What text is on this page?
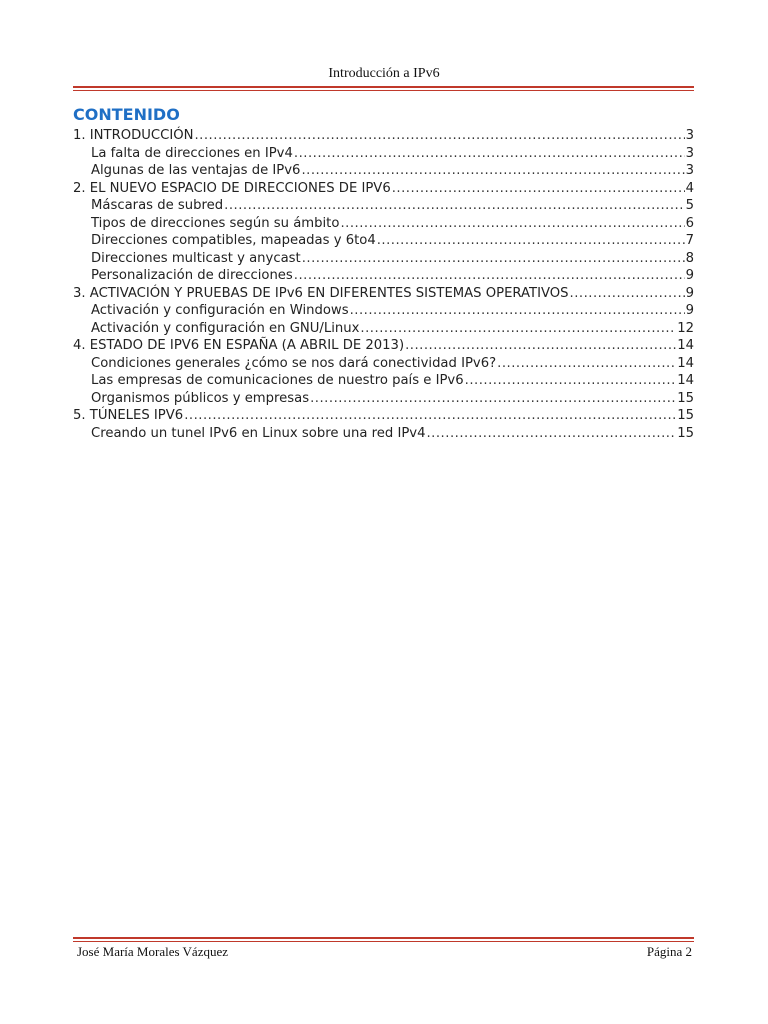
Introducción a IPv6
CONTENIDO
1. INTRODUCCIÓN .....	3
La falta de direcciones en IPv4 .....	3
Algunas de las ventajas de IPv6 .....	3
2. EL NUEVO ESPACIO DE DIRECCIONES DE IPV6 .....	4
Máscaras de subred .....	5
Tipos de direcciones según su ámbito .....	6
Direcciones compatibles, mapeadas y 6to4 .....	7
Direcciones multicast y anycast .....	8
Personalización de direcciones .....	9
3. ACTIVACIÓN Y PRUEBAS DE IPv6 EN DIFERENTES SISTEMAS OPERATIVOS .....	9
Activación y configuración en Windows .....	9
Activación y configuración en GNU/Linux .....	12
4. ESTADO DE IPV6 EN ESPAÑA (A ABRIL DE 2013) .....	14
Condiciones generales ¿cómo se nos dará conectividad IPv6? .....	14
Las empresas de comunicaciones de nuestro país e IPv6 .....	14
Organismos públicos y empresas .....	15
5. TÚNELES IPV6 .....	15
Creando un tunel IPv6 en Linux sobre una red IPv4 .....	15
José María Morales Vázquez	Página 2
